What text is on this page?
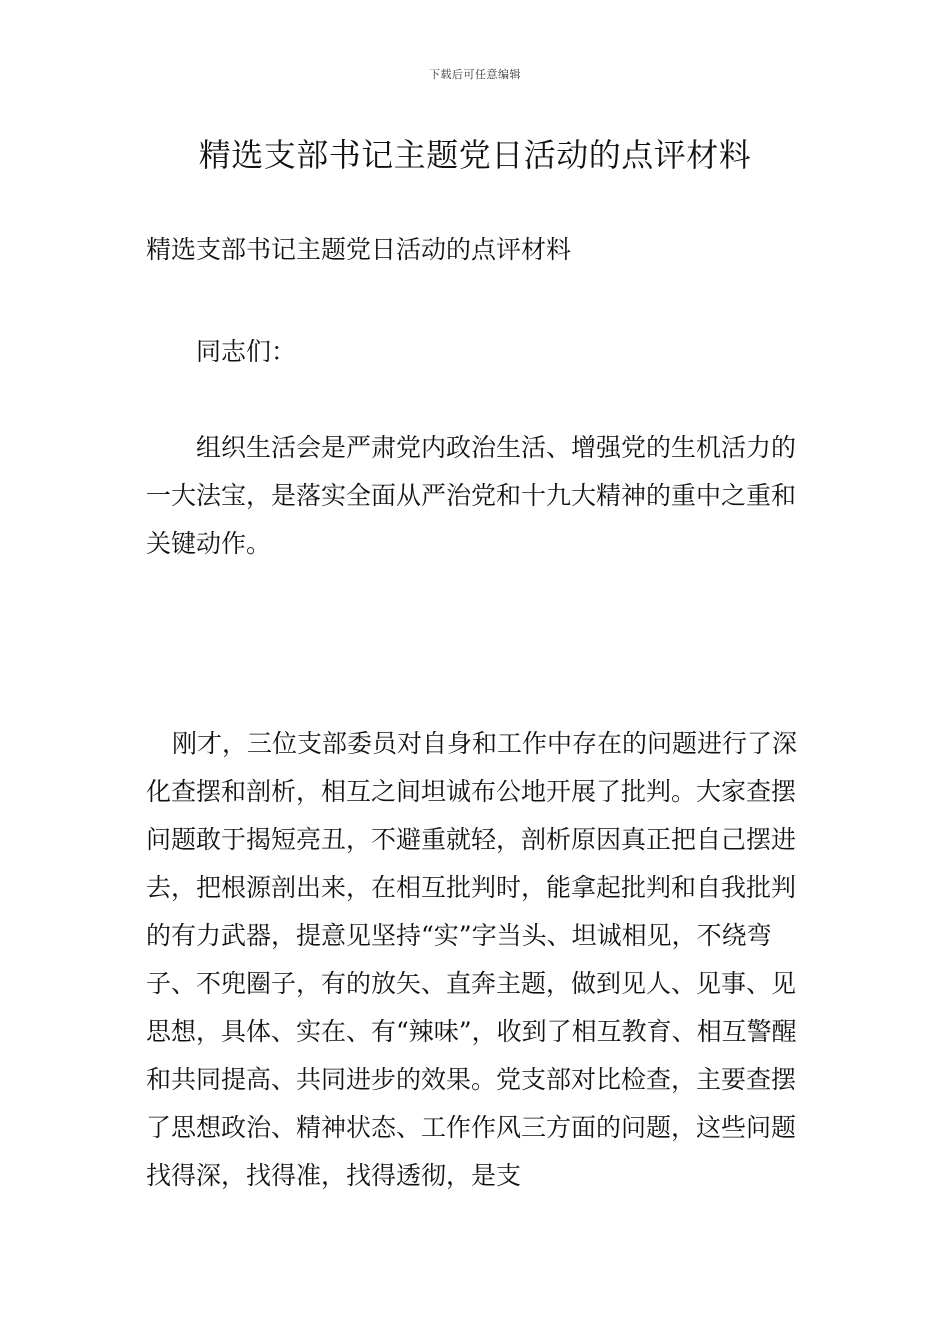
下载后可任意编辑
精选支部书记主题党日活动的点评材料

精选支部书记主题党日活动的点评材料

同志们：

组织生活会是严肃党内政治生活、增强党的生机活力的一大法宝，是落实全面从严治党和十九大精神的重中之重和关键动作。

刚才，三位支部委员对自身和工作中存在的问题进行了深化查摆和剖析，相互之间坦诚布公地开展了批判。大家查摆问题敢于揭短亮丑，不避重就轻，剖析原因真正把自己摆进去，把根源剖出来，在相互批判时，能拿起批判和自我批判的有力武器，提意见坚持“实”字当头、坦诚相见，不绕弯子、不兜圈子，有的放矢、直奔主题，做到见人、见事、见思想，具体、实在、有“辣味”，收到了相互教育、相互警醒和共同提高、共同进步的效果。党支部对比检查，主要查摆了思想政治、精神状态、工作作风三方面的问题，这些问题找得深，找得准，找得透彻，是支
